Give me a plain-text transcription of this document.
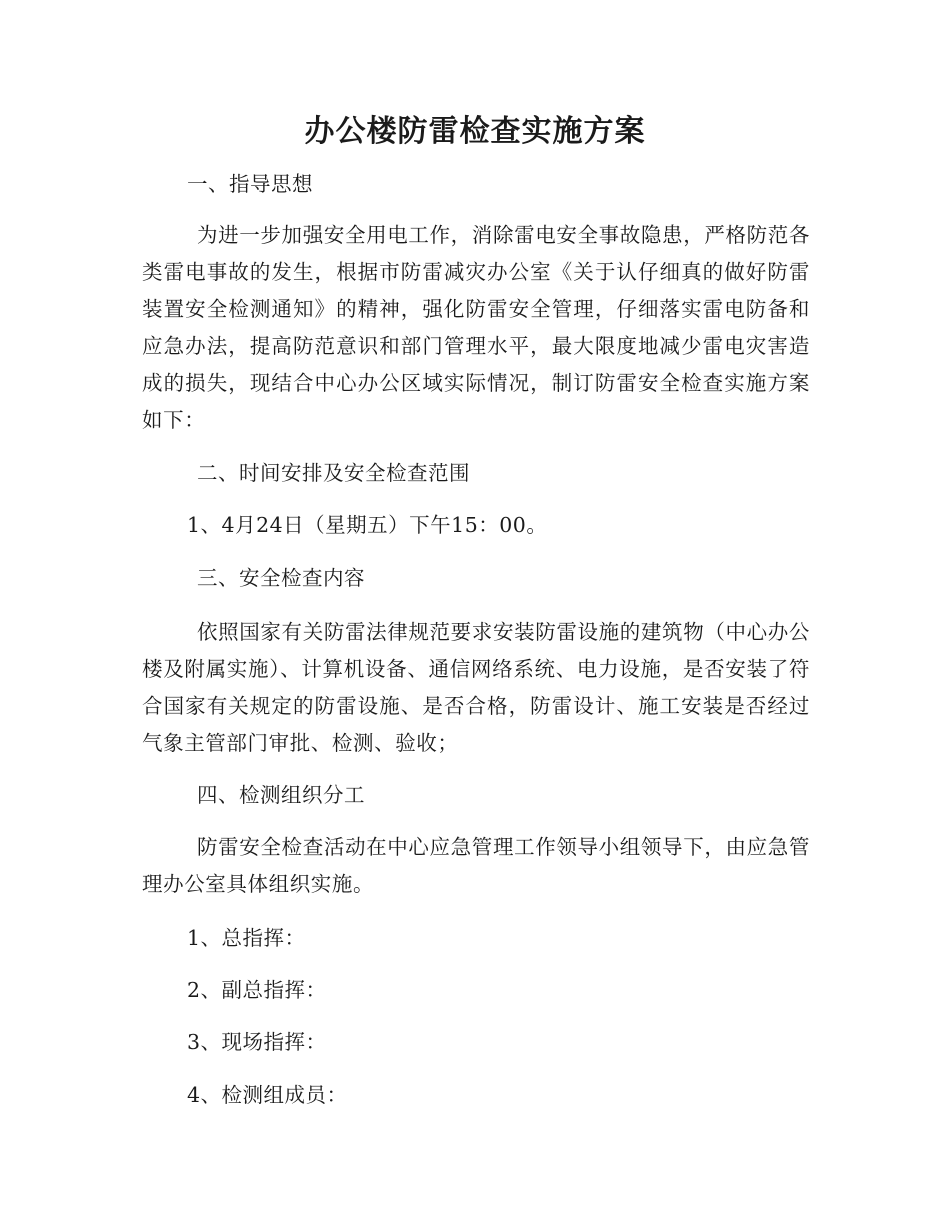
办公楼防雷检查实施方案

一、指导思想

为进一步加强安全用电工作，消除雷电安全事故隐患，严格防范各类雷电事故的发生，根据市防雷减灾办公室《关于认仔细真的做好防雷装置安全检测通知》的精神，强化防雷安全管理，仔细落实雷电防备和应急办法，提高防范意识和部门管理水平，最大限度地减少雷电灾害造成的损失，现结合中心办公区域实际情况，制订防雷安全检查实施方案如下：

二、时间安排及安全检查范围

1、4月24日（星期五）下午15：00。

三、安全检查内容

依照国家有关防雷法律规范要求安装防雷设施的建筑物（中心办公楼及附属实施）、计算机设备、通信网络系统、电力设施，是否安装了符合国家有关规定的防雷设施、是否合格，防雷设计、施工安装是否经过气象主管部门审批、检测、验收；

四、检测组织分工

防雷安全检查活动在中心应急管理工作领导小组领导下，由应急管理办公室具体组织实施。

1、总指挥：

2、副总指挥：

3、现场指挥：

4、检测组成员：
